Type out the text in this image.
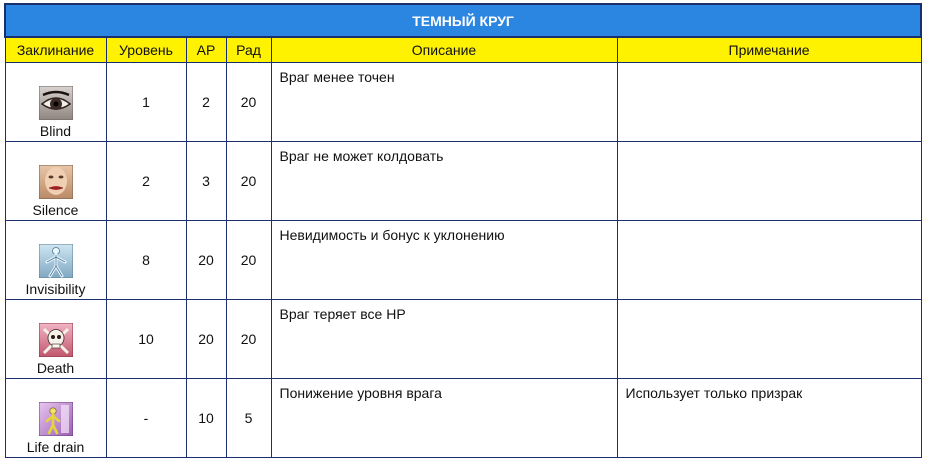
ТЕМНЫЙ КРУГ					
Заклинание	Уровень	AP	Рад	Описание	Примечание

Blind	1	2	20	Враг менее точен	

Silence	2	3	20	Враг не может колдовать	

Invisibility	8	20	20	Невидимость и бонус к уклонению	

Death	10	20	20	Враг теряет все HP	

Life drain	-	10	5	Понижение уровня врага	Использует только призрак
